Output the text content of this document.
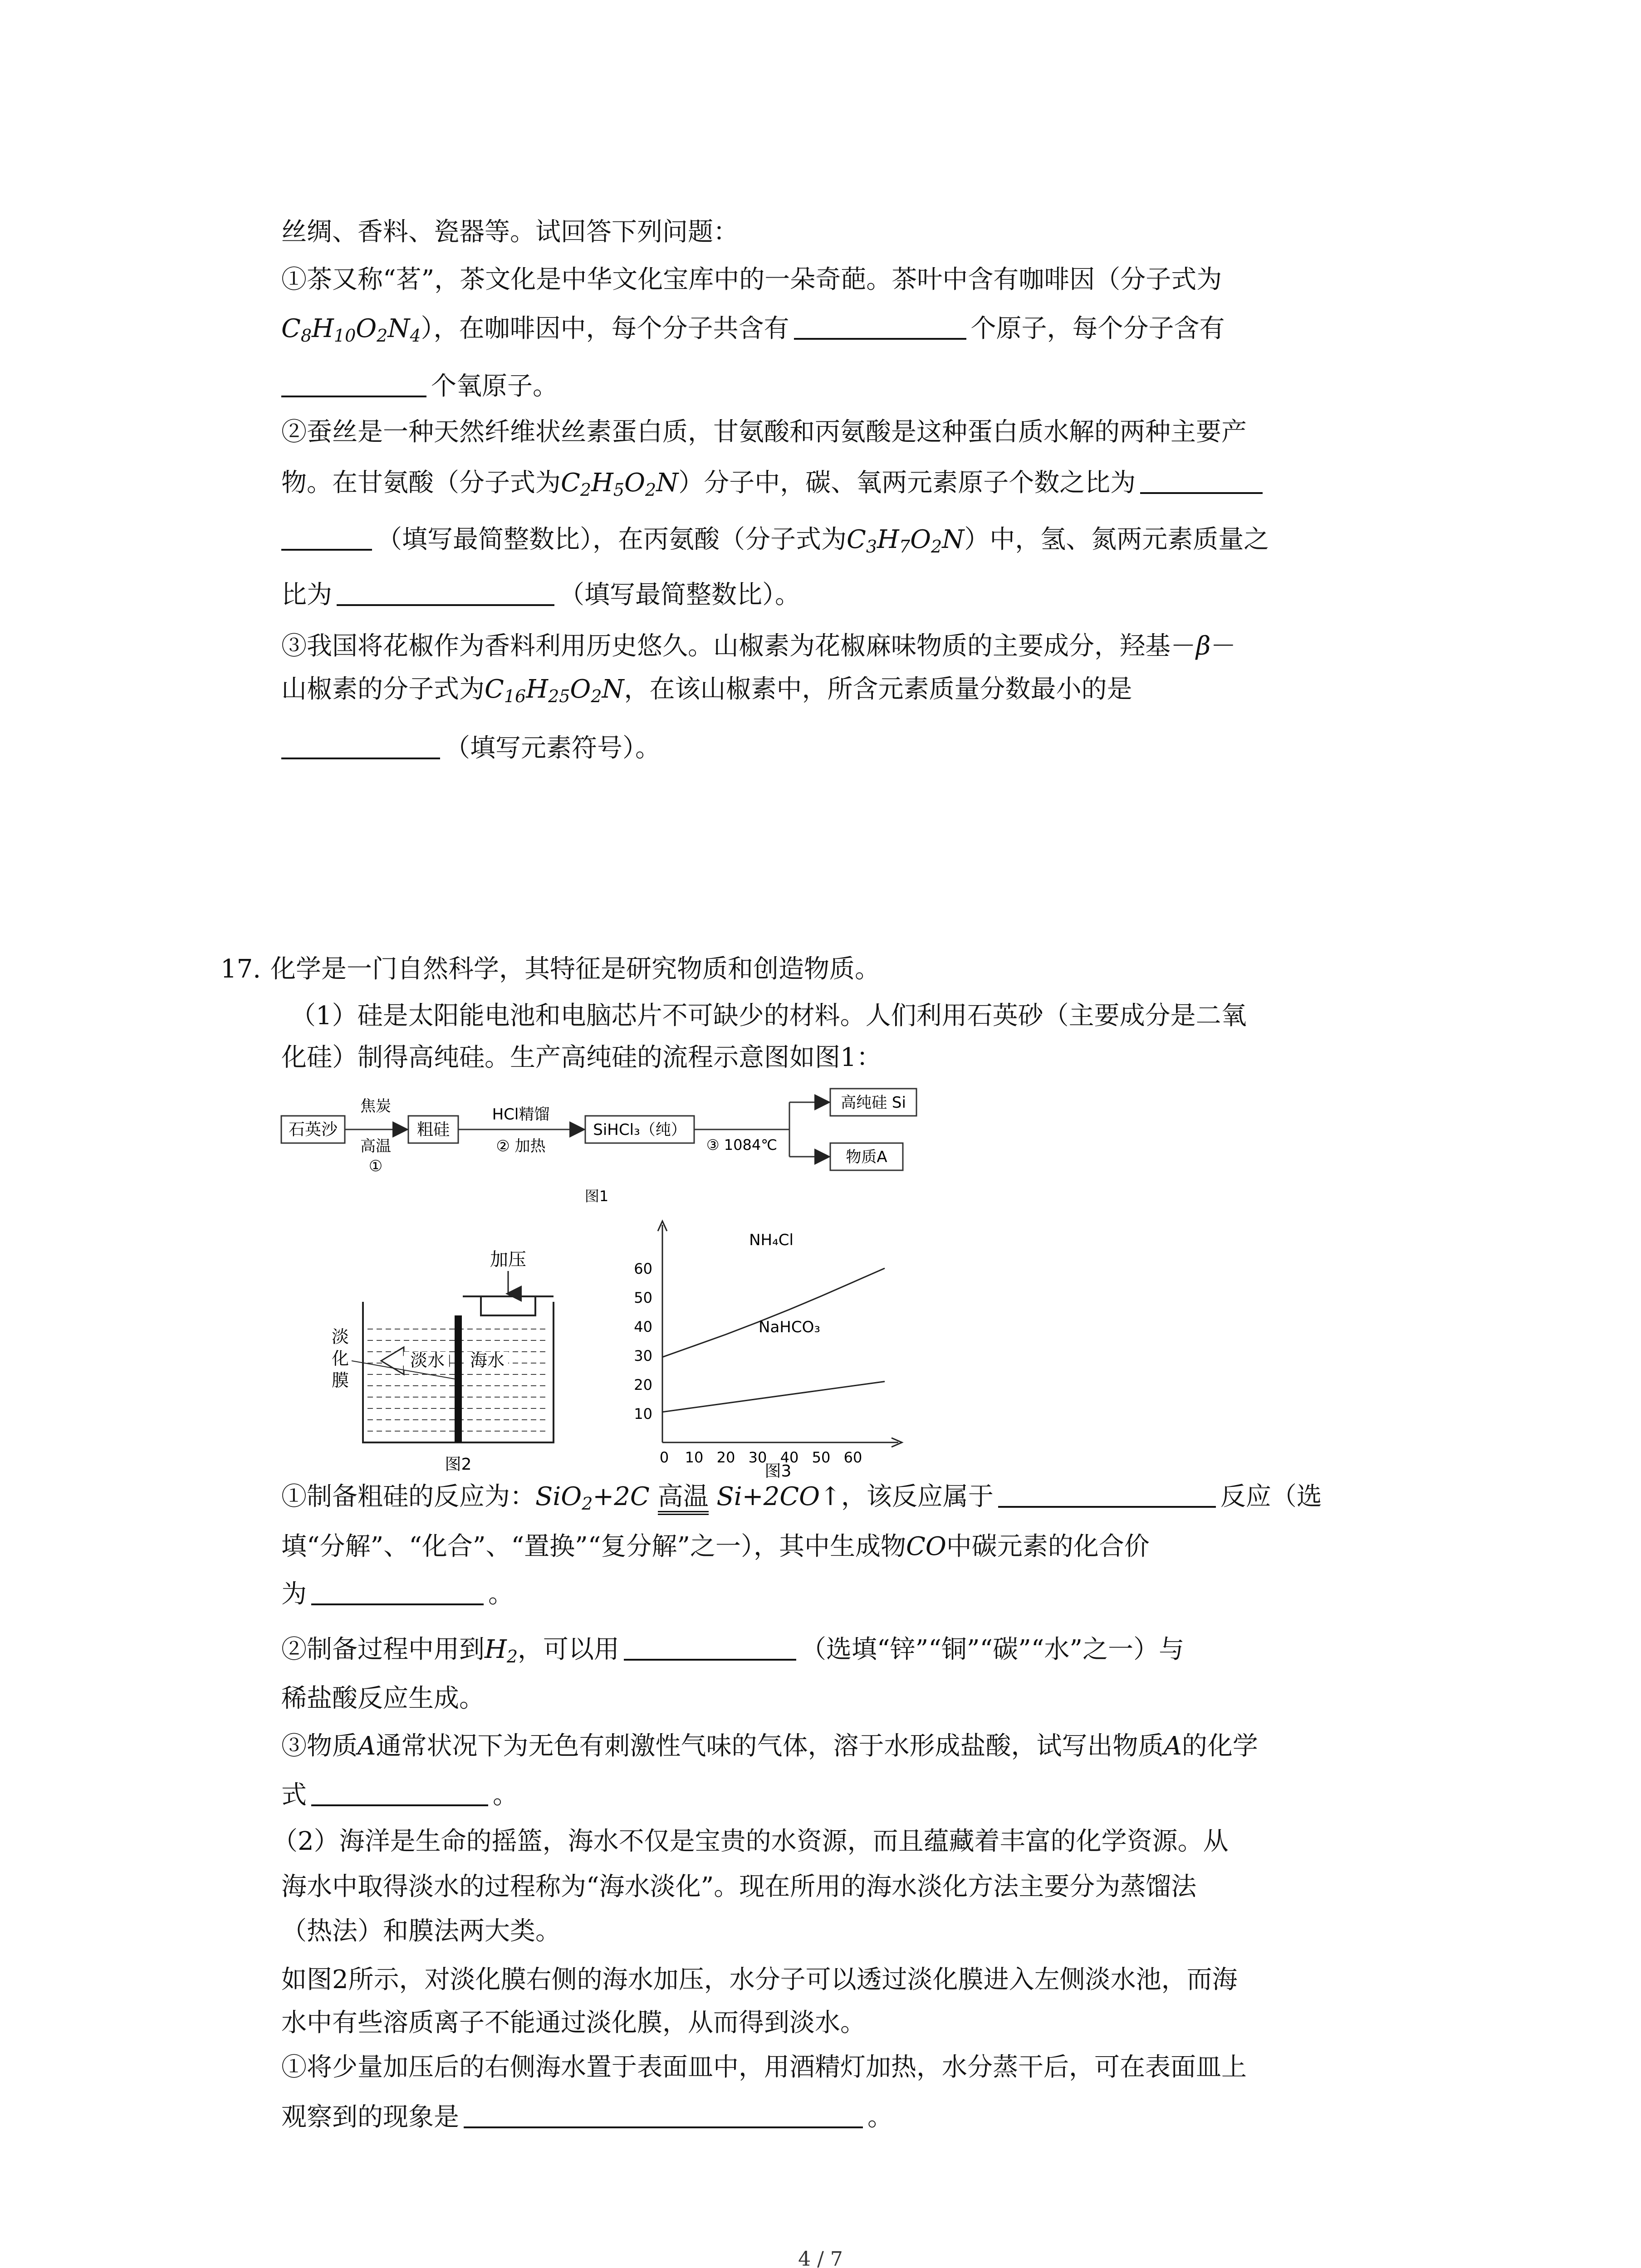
丝绸、香料、瓷器等。试回答下列问题：
①茶又称“茗”，茶文化是中华文化宝库中的一朵奇葩。茶叶中含有咖啡因（分子式为
$C_8H_{10}O_2N_4$），在咖啡因中，每个分子共含有	个原子，每个分子含有
个氧原子。
②蚕丝是一种天然纤维状丝素蛋白质，甘氨酸和丙氨酸是这种蛋白质水解的两种主要产
物。在甘氨酸（分子式为$C_2H_5O_2N$）分子中，碳、氧两元素原子个数之比为
（填写最简整数比），在丙氨酸（分子式为$C_3H_7O_2N$）中，氢、氮两元素质量之
比为	（填写最简整数比）。
③我国将花椒作为香料利用历史悠久。山椒素为花椒麻味物质的主要成分，羟基－β－
山椒素的分子式为$C_{16}H_{25}O_2N$，在该山椒素中，所含元素质量分数最小的是
（填写元素符号）。
17. 化学是一门自然科学，其特征是研究物质和创造物质。
（1）硅是太阳能电池和电脑芯片不可缺少的材料。人们利用石英砂（主要成分是二氧
化硅）制得高纯硅。生产高纯硅的流程示意图如图1：
石英沙
焦炭
高温
①
粗硅
HCl精馏
② 加热
SiHCl₃（纯）
③ 1084℃
高纯硅 Si
物质A
图1
加压
淡水 海水
淡
化
膜
图2
10
20
30
40
50
60
0 10 20 30 40 50 60
NH₄Cl
NaHCO₃
图3
①制备粗硅的反应为：SiO$_2$+2C 高温 Si+2CO↑，该反应属于	反应（选
填“分解”、“化合”、“置换”“复分解”之一），其中生成物CO中碳元素的化合价
为	。
②制备过程中用到$H_2$，可以用	（选填“锌”“铜”“碳”“水”之一）与
稀盐酸反应生成。
③物质A通常状况下为无色有刺激性气味的气体，溶于水形成盐酸，试写出物质A的化学
式	。
（2）海洋是生命的摇篮，海水不仅是宝贵的水资源，而且蕴藏着丰富的化学资源。从
海水中取得淡水的过程称为“海水淡化”。现在所用的海水淡化方法主要分为蒸馏法
（热法）和膜法两大类。
如图2所示，对淡化膜右侧的海水加压，水分子可以透过淡化膜进入左侧淡水池，而海
水中有些溶质离子不能通过淡化膜，从而得到淡水。
①将少量加压后的右侧海水置于表面皿中，用酒精灯加热，水分蒸干后，可在表面皿上
观察到的现象是	。
4 / 7
